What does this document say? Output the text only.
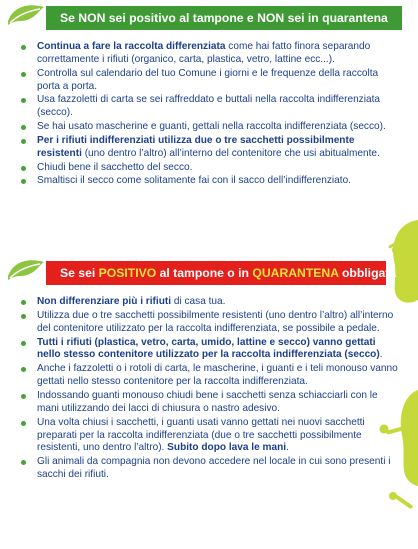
Se NON sei positivo al tampone e NON sei in quarantena
Continua a fare la raccolta differenziata come hai fatto finora separando correttamente i rifiuti (organico, carta, plastica, vetro, lattine ecc...).
Controlla sul calendario del tuo Comune i giorni e le frequenze della raccolta porta a porta.
Usa fazzoletti di carta se sei raffreddato e buttali nella raccolta indifferenziata (secco).
Se hai usato mascherine e guanti, gettali nella raccolta indifferenziata (secco).
Per i rifiuti indifferenziati utilizza due o tre sacchetti possibilmente resistenti (uno dentro l’altro) all’interno del contenitore che usi abitualmente.
Chiudi bene il sacchetto del secco.
Smaltisci il secco come solitamente fai con il sacco dell’indifferenziato.
Se sei POSITIVO al tampone o in QUARANTENA obbligata
Non differenziare più i rifiuti di casa tua.
Utilizza due o tre sacchetti possibilmente resistenti (uno dentro l’altro) all’interno del contenitore utilizzato per la raccolta indifferenziata, se possibile a pedale.
Tutti i rifiuti (plastica, vetro, carta, umido, lattine e secco) vanno gettati nello stesso contenitore utilizzato per la raccolta indifferenziata (secco).
Anche i fazzoletti o i rotoli di carta, le mascherine, i guanti e i teli monouso vanno gettati nello stesso contenitore per la raccolta indifferenziata.
Indossando guanti monouso chiudi bene i sacchetti senza schiacciarli con le mani utilizzando dei lacci di chiusura o nastro adesivo.
Una volta chiusi i sacchetti, i guanti usati vanno gettati nei nuovi sacchetti preparati per la raccolta indifferenziata (due o tre sacchetti possibilmente resistenti, uno dentro l’altro). Subito dopo lava le mani.
Gli animali da compagnia non devono accedere nel locale in cui sono presenti i sacchi dei rifiuti.
